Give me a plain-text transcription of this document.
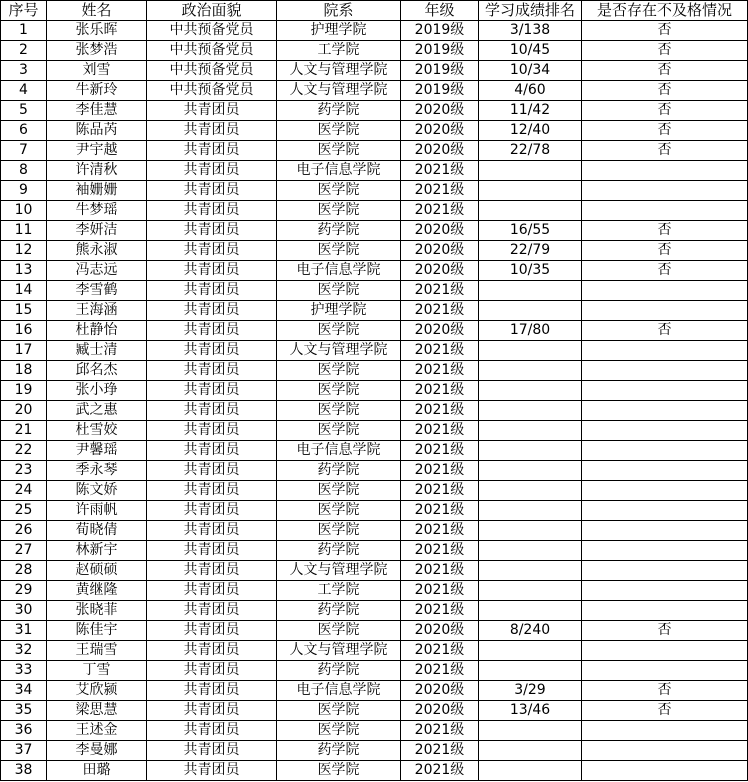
序号	姓名	政治面貌	院系	年级	学习成绩排名	是否存在不及格情况
1	张乐晖	中共预备党员	护理学院	2019级	3/138	否
2	张梦浩	中共预备党员	工学院	2019级	10/45	否
3	刘雪	中共预备党员	人文与管理学院	2019级	10/34	否
4	牛新玲	中共预备党员	人文与管理学院	2019级	4/60	否
5	李佳慧	共青团员	药学院	2020级	11/42	否
6	陈品芮	共青团员	医学院	2020级	12/40	否
7	尹宇越	共青团员	医学院	2020级	22/78	否
8	许清秋	共青团员	电子信息学院	2021级		
9	袖姗姗	共青团员	医学院	2021级		
10	牛梦瑶	共青团员	医学院	2021级		
11	李妍洁	共青团员	药学院	2020级	16/55	否
12	熊永淑	共青团员	医学院	2020级	22/79	否
13	冯志远	共青团员	电子信息学院	2020级	10/35	否
14	李雪鹤	共青团员	医学院	2021级		
15	王海涵	共青团员	护理学院	2021级		
16	杜静怡	共青团员	医学院	2020级	17/80	否
17	臧士清	共青团员	人文与管理学院	2021级		
18	邱名杰	共青团员	医学院	2021级		
19	张小琤	共青团员	医学院	2021级		
20	武之惠	共青团员	医学院	2021级		
21	杜雪姣	共青团员	医学院	2021级		
22	尹馨瑶	共青团员	电子信息学院	2021级		
23	季永琴	共青团员	药学院	2021级		
24	陈文娇	共青团员	医学院	2021级		
25	许雨帆	共青团员	医学院	2021级		
26	荀晓倩	共青团员	医学院	2021级		
27	林新宇	共青团员	药学院	2021级		
28	赵硕硕	共青团员	人文与管理学院	2021级		
29	黄继隆	共青团员	工学院	2021级		
30	张晓菲	共青团员	药学院	2021级		
31	陈佳宇	共青团员	医学院	2020级	8/240	否
32	王瑞雪	共青团员	人文与管理学院	2021级		
33	丁雪	共青团员	药学院	2021级		
34	艾欣颍	共青团员	电子信息学院	2020级	3/29	否
35	梁思慧	共青团员	医学院	2020级	13/46	否
36	王述金	共青团员	医学院	2021级		
37	李曼娜	共青团员	药学院	2021级		
38	田璐	共青团员	医学院	2021级		
